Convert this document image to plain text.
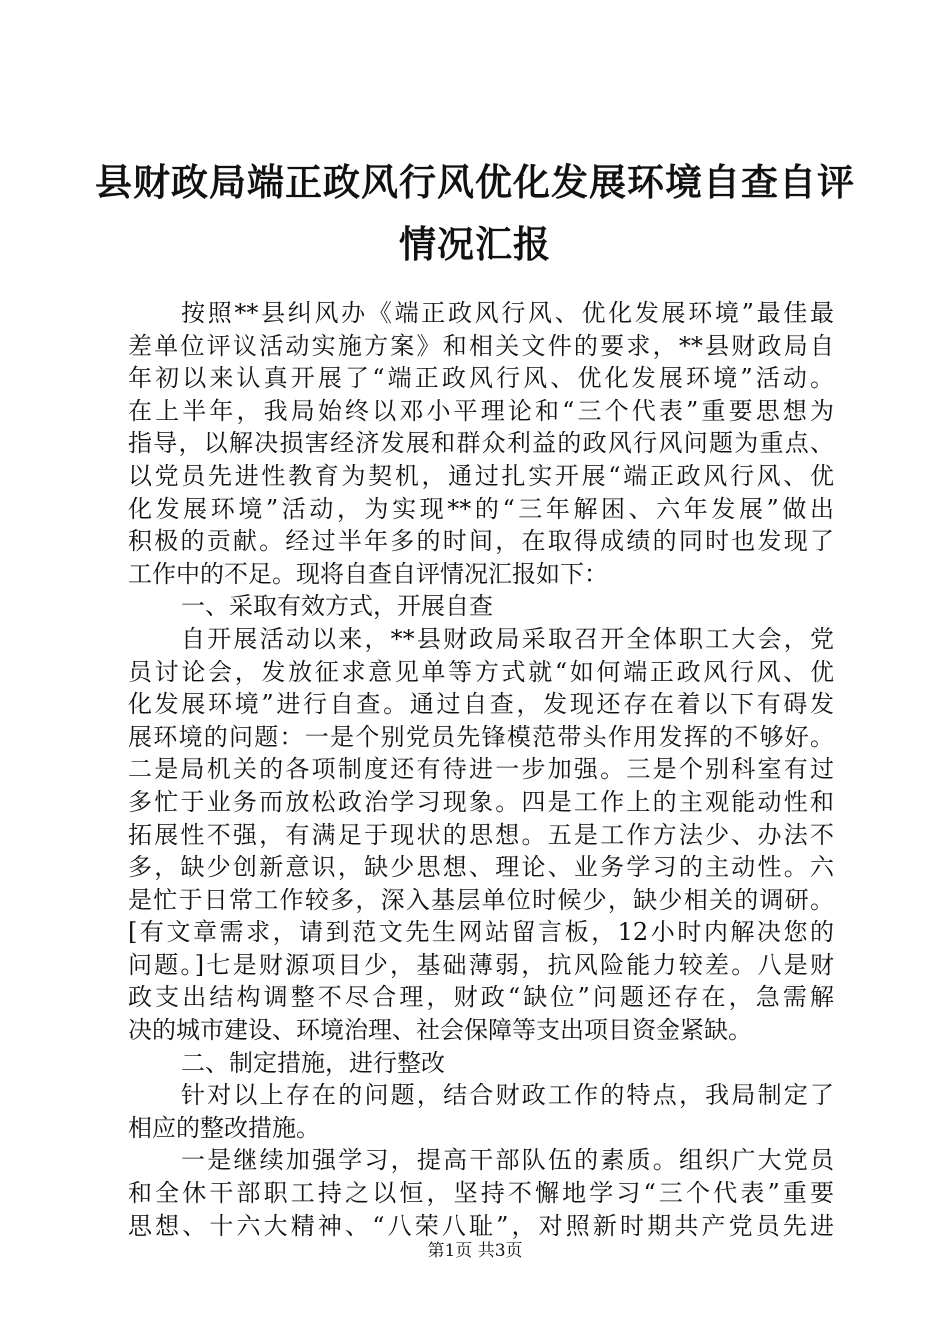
县财政局端正政风行风优化发展环境自查自评
情况汇报
按照**县纠风办《端正政风行风、优化发展环境”最佳最
差单位评议活动实施方案》和相关文件的要求，**县财政局自
年初以来认真开展了“端正政风行风、优化发展环境”活动。
在上半年，我局始终以邓小平理论和“三个代表”重要思想为
指导，以解决损害经济发展和群众利益的政风行风问题为重点、
以党员先进性教育为契机，通过扎实开展“端正政风行风、优
化发展环境”活动，为实现**的“三年解困、六年发展”做出
积极的贡献。经过半年多的时间，在取得成绩的同时也发现了
工作中的不足。现将自查自评情况汇报如下：
一、采取有效方式，开展自查
自开展活动以来，**县财政局采取召开全体职工大会，党
员讨论会，发放征求意见单等方式就“如何端正政风行风、优
化发展环境”进行自查。通过自查，发现还存在着以下有碍发
展环境的问题：一是个别党员先锋模范带头作用发挥的不够好。
二是局机关的各项制度还有待进一步加强。三是个别科室有过
多忙于业务而放松政治学习现象。四是工作上的主观能动性和
拓展性不强，有满足于现状的思想。五是工作方法少、办法不
多，缺少创新意识，缺少思想、理论、业务学习的主动性。六
是忙于日常工作较多，深入基层单位时候少，缺少相关的调研。
[有文章需求，请到范文先生网站留言板，12小时内解决您的
问题。]七是财源项目少，基础薄弱，抗风险能力较差。八是财
政支出结构调整不尽合理，财政“缺位”问题还存在，急需解
决的城市建设、环境治理、社会保障等支出项目资金紧缺。
二、制定措施，进行整改
针对以上存在的问题，结合财政工作的特点，我局制定了
相应的整改措施。
一是继续加强学习，提高干部队伍的素质。组织广大党员
和全休干部职工持之以恒，坚持不懈地学习“三个代表”重要
思想、十六大精神、“八荣八耻”，对照新时期共产党员先进
第1页 共3页
